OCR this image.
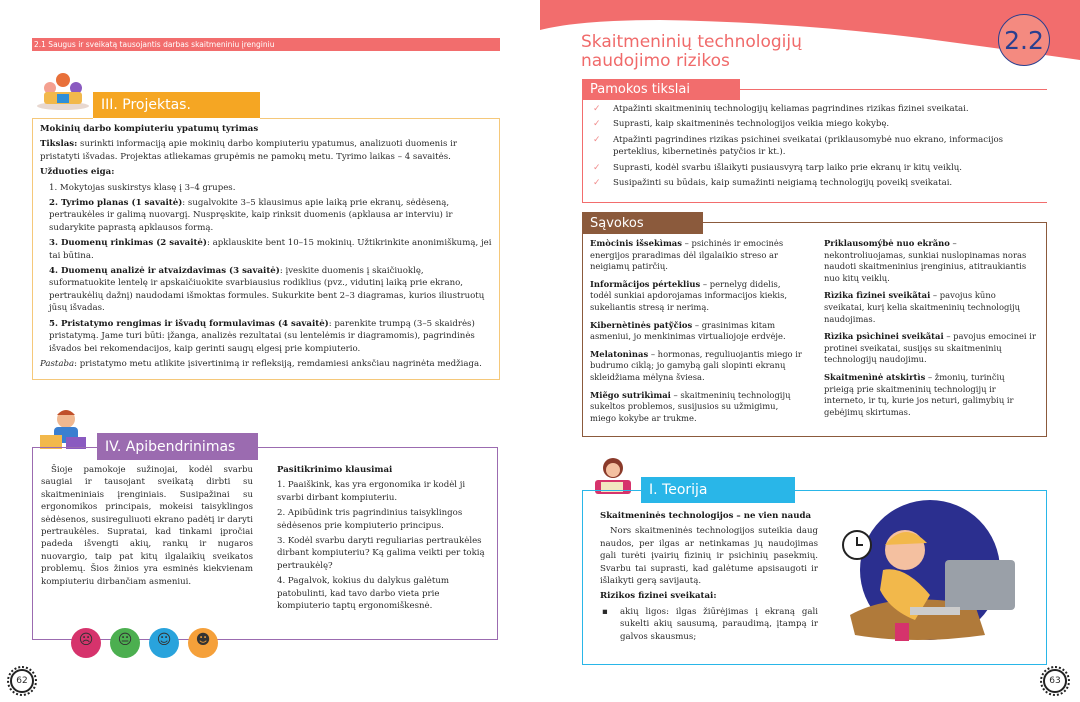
2.1 Saugus ir sveikatą tausojantis darbas skaitmeniniu įrenginiu
III. Projektas.

Mokinių darbo kompiuteriu ypatumų tyrimas

Tikslas: surinkti informaciją apie mokinių darbo kompiuteriu ypatumus, analizuoti duomenis ir pristatyti išvadas. Projektas atliekamas grupėmis ne pamokų metu. Tyrimo laikas – 4 savaitės.

Užduoties eiga:

1. Mokytojas suskirstys klasę į 3–4 grupes.
2. Tyrimo planas (1 savaitė): sugalvokite 3–5 klausimus apie laiką prie ekranų, sėdėseną, pertraukėles ir galimą nuovargį. Nuspręskite, kaip rinksit duomenis (apklausa ar interviu) ir sudarykite paprastą apklausos formą.
3. Duomenų rinkimas (2 savaitė): apklauskite bent 10–15 mokinių. Užtikrinkite anonimiškumą, jei tai būtina.
4. Duomenų analizė ir atvaizdavimas (3 savaitė): įveskite duomenis į skaičiuoklę, suformatuokite lentelę ir apskaičiuokite svarbiausius rodiklius (pvz., vidutinį laiką prie ekrano, pertraukėlių dažnį) naudodami išmoktas formules. Sukurkite bent 2–3 diagramas, kurios iliustruotų jūsų išvadas.
5. Pristatymo rengimas ir išvadų formulavimas (4 savaitė): parenkite trumpą (3–5 skaidrės) pristatymą. Jame turi būti: įžanga, analizės rezultatai (su lentelėmis ir diagramomis), pagrindinės išvados bei rekomendacijos, kaip gerinti saugų elgesį prie kompiuterio.

Pastaba: pristatymo metu atlikite įsivertinimą ir refleksiją, remdamiesi anksčiau nagrinėta medžiaga.

IV. Apibendrinimas

Šioje pamokoje sužinojai, kodėl svarbu saugiai ir tausojant sveikatą dirbti su skaitmeniniais įrenginiais. Susipažinai su ergonomikos principais, mokeisi taisyklingos sėdėsenos, susireguliuoti ekrano padėtį ir daryti pertraukėles. Supratai, kad tinkami įpročiai padeda išvengti akių, rankų ir nugaros nuovargio, taip pat kitų ilgalaikių sveikatos problemų. Šios žinios yra esminės kiekvienam kompiuteriu dirbančiam asmeniui.

☹	😐	☺	☻

Pasitikrinimo klausimai

1. Paaiškink, kas yra ergonomika ir kodėl ji svarbi dirbant kompiuteriu.

2. Apibūdink tris pagrindinius taisyklingos sėdėsenos prie kompiuterio principus.

3. Kodėl svarbu daryti reguliarias pertraukėles dirbant kompiuteriu? Ką galima veikti per tokią pertraukėlę?

4. Pagalvok, kokius du dalykus galėtum patobulinti, kad tavo darbo vieta prie kompiuterio taptų ergonomiškesnė.

62
Skaitmeninių technologijų
naudojimo rizikos
2.2
Pamokos tikslai
✓ Atpažinti skaitmeninių technologijų keliamas pagrindines rizikas fizinei sveikatai.
✓ Suprasti, kaip skaitmeninės technologijos veikia miego kokybę.
✓ Atpažinti pagrindines rizikas psichinei sveikatai (priklausomybė nuo ekrano, informacijos perteklius, kibernetinės patyčios ir kt.).
✓ Suprasti, kodėl svarbu išlaikyti pusiausvyrą tarp laiko prie ekranų ir kitų veiklų.
✓ Susipažinti su būdais, kaip sumažinti neigiamą technologijų poveikį sveikatai.
Sąvokos

Emòcinis išsekìmas – psichinės ir emocinės energijos praradimas dėl ilgalaikio streso ar neigiamų patirčių.

Informãcijos pérteklius – pernelyg didelis, todėl sunkiai apdorojamas informacijos kiekis, sukeliantis stresą ir nerimą.

Kibernètinės patỹčios – grasinimas kitam asmeniui, jo menkinimas virtualiojoje erdvėje.

Melatonìnas – hormonas, reguliuojantis miego ir budrumo ciklą; jo gamybą gali slopinti ekranų skleidžiama mėlyna šviesa.

Miẽgo sutrikìmai – skaitmeninių technologijų sukeltos problemos, susijusios su užmigimu, miego kokybe ar trukme.

Priklausomýbė nuo ekrãno – nekontroliuojamas, sunkiai nuslopinamas noras naudoti skaitmeninius įrenginius, atitraukiantis nuo kitų veiklų.

Rìzika fìzinei sveikãtai – pavojus kūno sveikatai, kurį kelia skaitmeninių technologijų naudojimas.

Rìzika psìchinei sveikãtai – pavojus emocinei ir protinei sveikatai, susijęs su skaitmeninių technologijų naudojimu.

Skaitmenìnė atskirtìs – žmonių, turinčių prieigą prie skaitmeninių technologijų ir interneto, ir tų, kurie jos neturi, galimybių ir gebėjimų skirtumas.

I. Teorija

Skaitmeninės technologijos – ne vien nauda

Nors skaitmeninės technologijos suteikia daug naudos, per ilgas ar netinkamas jų naudojimas gali turėti įvairių fizinių ir psichinių pasekmių. Svarbu tai suprasti, kad galėtume apsisaugoti ir išlaikyti gerą savijautą.

Rizikos fizinei sveikatai:

▪ akių ligos: ilgas žiūrėjimas į ekraną gali sukelti akių sausumą, paraudimą, įtampą ir galvos skausmus;

63
